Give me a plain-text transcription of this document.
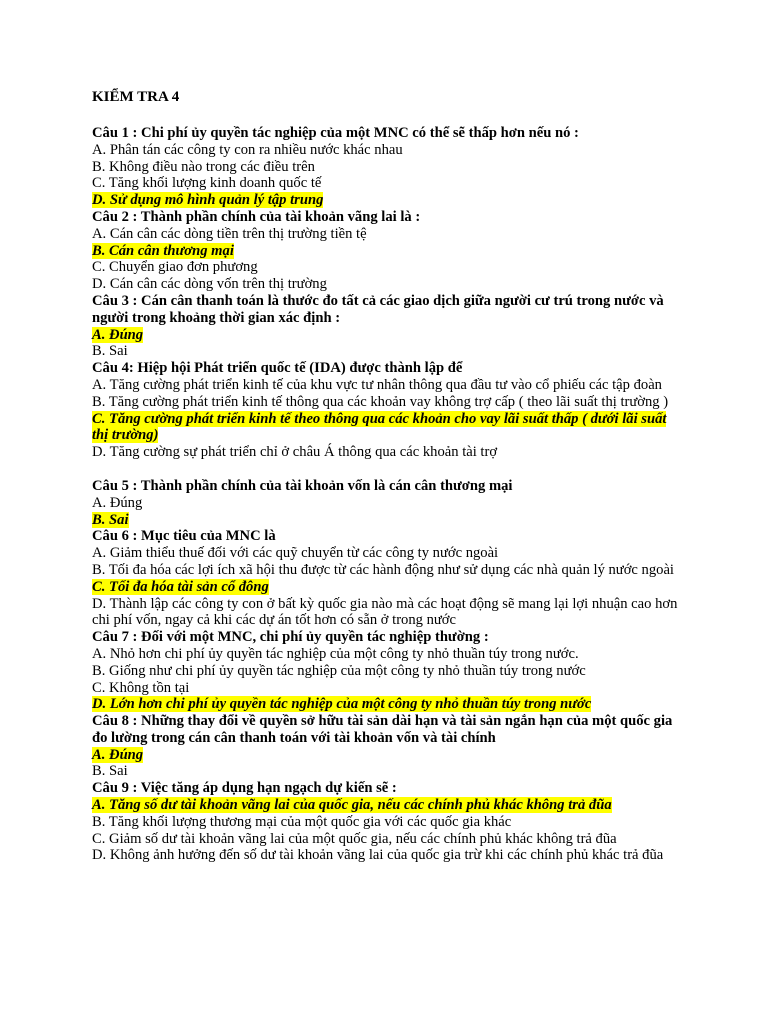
KIỂM TRA 4
Câu 1 : Chi phí ủy quyền tác nghiệp của một MNC có thể sẽ thấp hơn nếu nó :
A. Phân tán các công ty con ra nhiều nước khác nhau
B. Không điều nào trong các điều trên
C. Tăng khối lượng kinh doanh quốc tế
D. Sử dụng mô hình quản lý tập trung
Câu 2 : Thành phần chính của tài khoản vãng lai là :
A. Cán cân các dòng tiền trên thị trường tiền tệ
B. Cán cân thương mại
C. Chuyển giao đơn phương
D. Cán cân các dòng vốn trên thị trường
Câu 3 : Cán cân thanh toán là thước đo tất cả các giao dịch giữa người cư trú trong nước và người trong khoảng thời gian xác định :
A. Đúng
B. Sai
Câu 4: Hiệp hội Phát triển quốc tế (IDA) được thành lập để
A. Tăng cường phát triển kinh tế của khu vực tư nhân thông qua đầu tư vào cổ phiếu các tập đoàn
B. Tăng cường phát triển kinh tế thông qua các khoản vay không trợ cấp ( theo lãi suất thị trường )
C. Tăng cường phát triển kinh tế theo thông qua các khoản cho vay lãi suất thấp ( dưới lãi suất thị trường)
D. Tăng cường sự phát triển chỉ ở châu Á thông qua các khoản tài trợ
Câu 5 : Thành phần chính của tài khoản vốn là cán cân thương mại
A. Đúng
B. Sai
Câu 6 : Mục tiêu của MNC là
A. Giảm thiểu thuế đối với các quỹ chuyển từ các công ty nước ngoài
B. Tối đa hóa các lợi ích xã hội thu được từ các hành động như sử dụng các nhà quản lý nước ngoài
C. Tối đa hóa tài sản cổ đông
D. Thành lập các công ty con ở bất kỳ quốc gia nào mà các hoạt động sẽ mang lại lợi nhuận cao hơn chi phí vốn, ngay cả khi các dự án tốt hơn có sẵn ở trong nước
Câu 7 : Đối với một MNC, chi phí ủy quyền tác nghiệp thường :
A. Nhỏ hơn chi phí ủy quyền tác nghiệp của một công ty nhỏ thuần túy trong nước.
B. Giống như chi phí ủy quyền tác nghiệp của một công ty nhỏ thuần túy trong nước
C. Không tồn tại
D. Lớn hơn chi phí ủy quyền tác nghiệp của một công ty nhỏ thuần túy trong nước
Câu 8 : Những thay đổi về quyền sở hữu tài sản dài hạn và tài sản ngắn hạn của một quốc gia đo lường trong cán cân thanh toán với tài khoản vốn và tài chính
A. Đúng
B. Sai
Câu 9 : Việc tăng áp dụng hạn ngạch dự kiến sẽ :
A. Tăng số dư tài khoản vãng lai của quốc gia, nếu các chính phủ khác không trả đũa
B. Tăng khối lượng thương mại của một quốc gia với các quốc gia khác
C. Giảm số dư tài khoản vãng lai của một quốc gia, nếu các chính phủ khác không trả đũa
D. Không ảnh hưởng đến số dư tài khoản vãng lai của quốc gia trừ khi các chính phủ khác trả đũa
